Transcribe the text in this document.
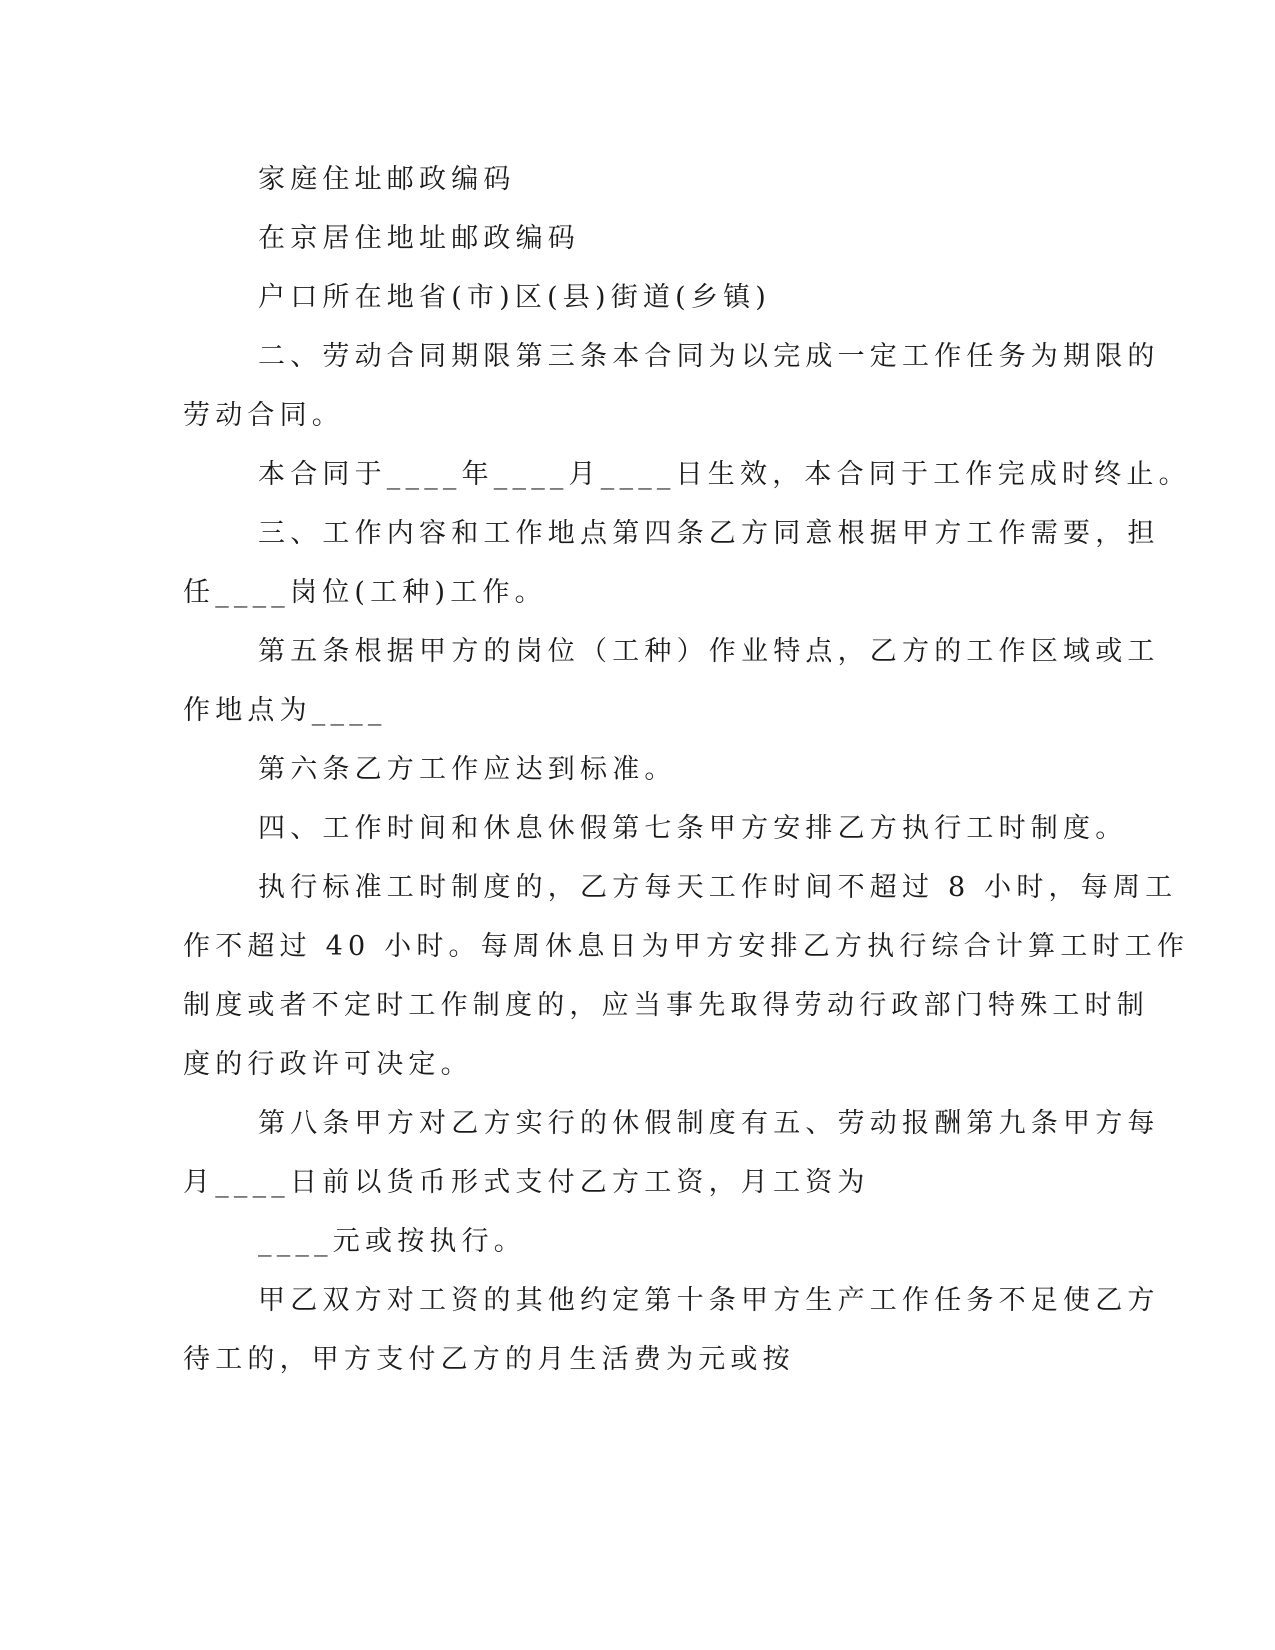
家庭住址邮政编码
在京居住地址邮政编码
户口所在地省(市)区(县)街道(乡镇)
二、劳动合同期限第三条本合同为以完成一定工作任务为期限的
劳动合同。
本合同于____年____月____日生效，本合同于工作完成时终止。
三、工作内容和工作地点第四条乙方同意根据甲方工作需要，担
任____岗位(工种)工作。
第五条根据甲方的岗位（工种）作业特点，乙方的工作区域或工
作地点为____
第六条乙方工作应达到标准。
四、工作时间和休息休假第七条甲方安排乙方执行工时制度。
执行标准工时制度的，乙方每天工作时间不超过 8 小时，每周工
作不超过 40 小时。每周休息日为甲方安排乙方执行综合计算工时工作
制度或者不定时工作制度的，应当事先取得劳动行政部门特殊工时制
度的行政许可决定。
第八条甲方对乙方实行的休假制度有五、劳动报酬第九条甲方每
月____日前以货币形式支付乙方工资，月工资为
____元或按执行。
甲乙双方对工资的其他约定第十条甲方生产工作任务不足使乙方
待工的，甲方支付乙方的月生活费为元或按
